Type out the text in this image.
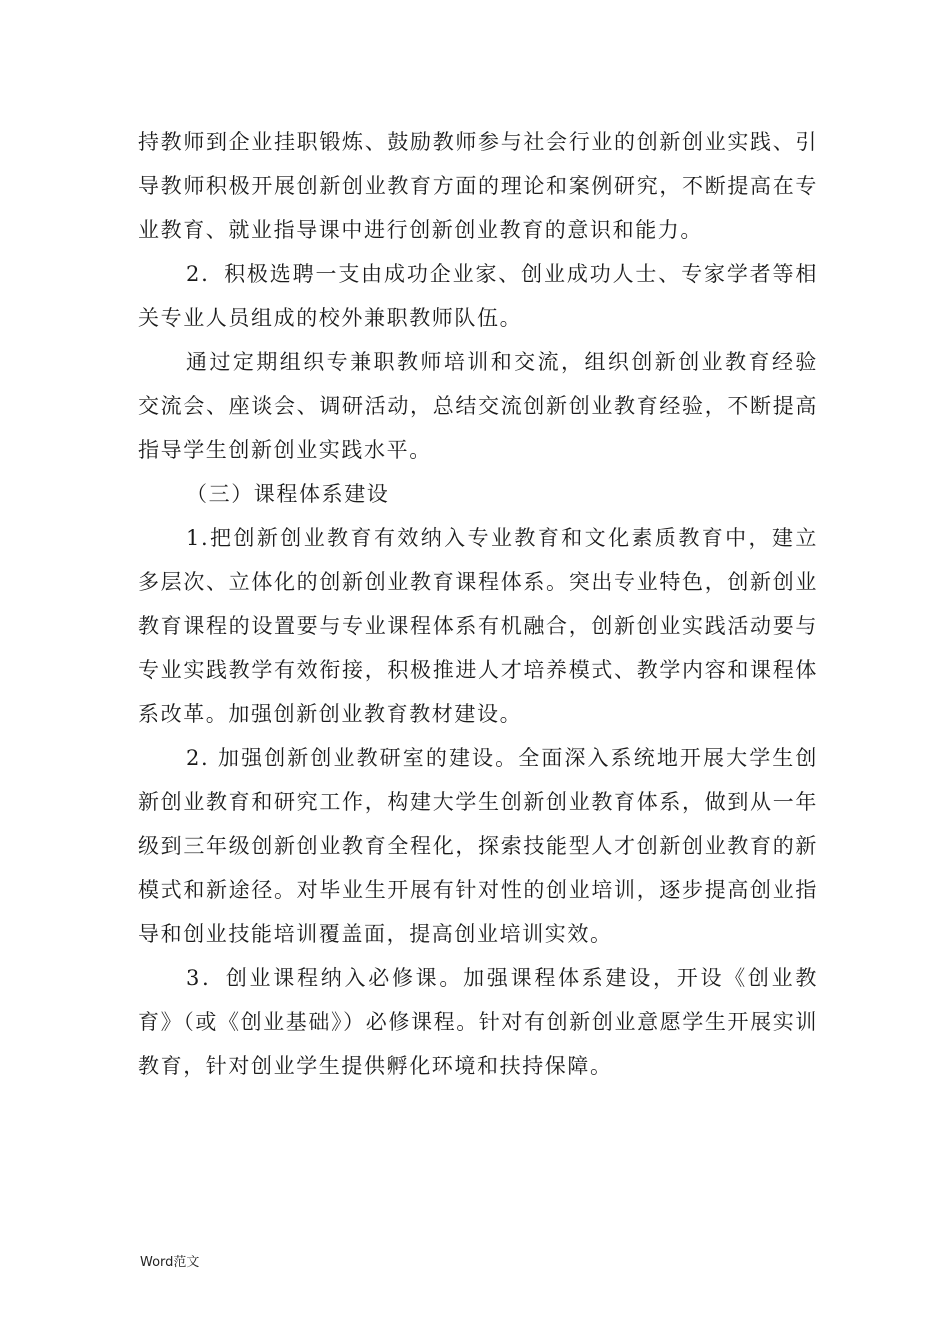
持教师到企业挂职锻炼、鼓励教师参与社会行业的创新创业实践、引导教师积极开展创新创业教育方面的理论和案例研究，不断提高在专业教育、就业指导课中进行创新创业教育的意识和能力。

2．积极选聘一支由成功企业家、创业成功人士、专家学者等相关专业人员组成的校外兼职教师队伍。

通过定期组织专兼职教师培训和交流，组织创新创业教育经验交流会、座谈会、调研活动，总结交流创新创业教育经验，不断提高指导学生创新创业实践水平。

（三）课程体系建设

1.把创新创业教育有效纳入专业教育和文化素质教育中，建立多层次、立体化的创新创业教育课程体系。突出专业特色，创新创业教育课程的设置要与专业课程体系有机融合，创新创业实践活动要与专业实践教学有效衔接，积极推进人才培养模式、教学内容和课程体系改革。加强创新创业教育教材建设。

2. 加强创新创业教研室的建设。全面深入系统地开展大学生创新创业教育和研究工作，构建大学生创新创业教育体系，做到从一年级到三年级创新创业教育全程化，探索技能型人才创新创业教育的新模式和新途径。对毕业生开展有针对性的创业培训，逐步提高创业指导和创业技能培训覆盖面，提高创业培训实效。

3．创业课程纳入必修课。加强课程体系建设，开设《创业教育》（或《创业基础》）必修课程。针对有创新创业意愿学生开展实训教育，针对创业学生提供孵化环境和扶持保障。

Word范文
